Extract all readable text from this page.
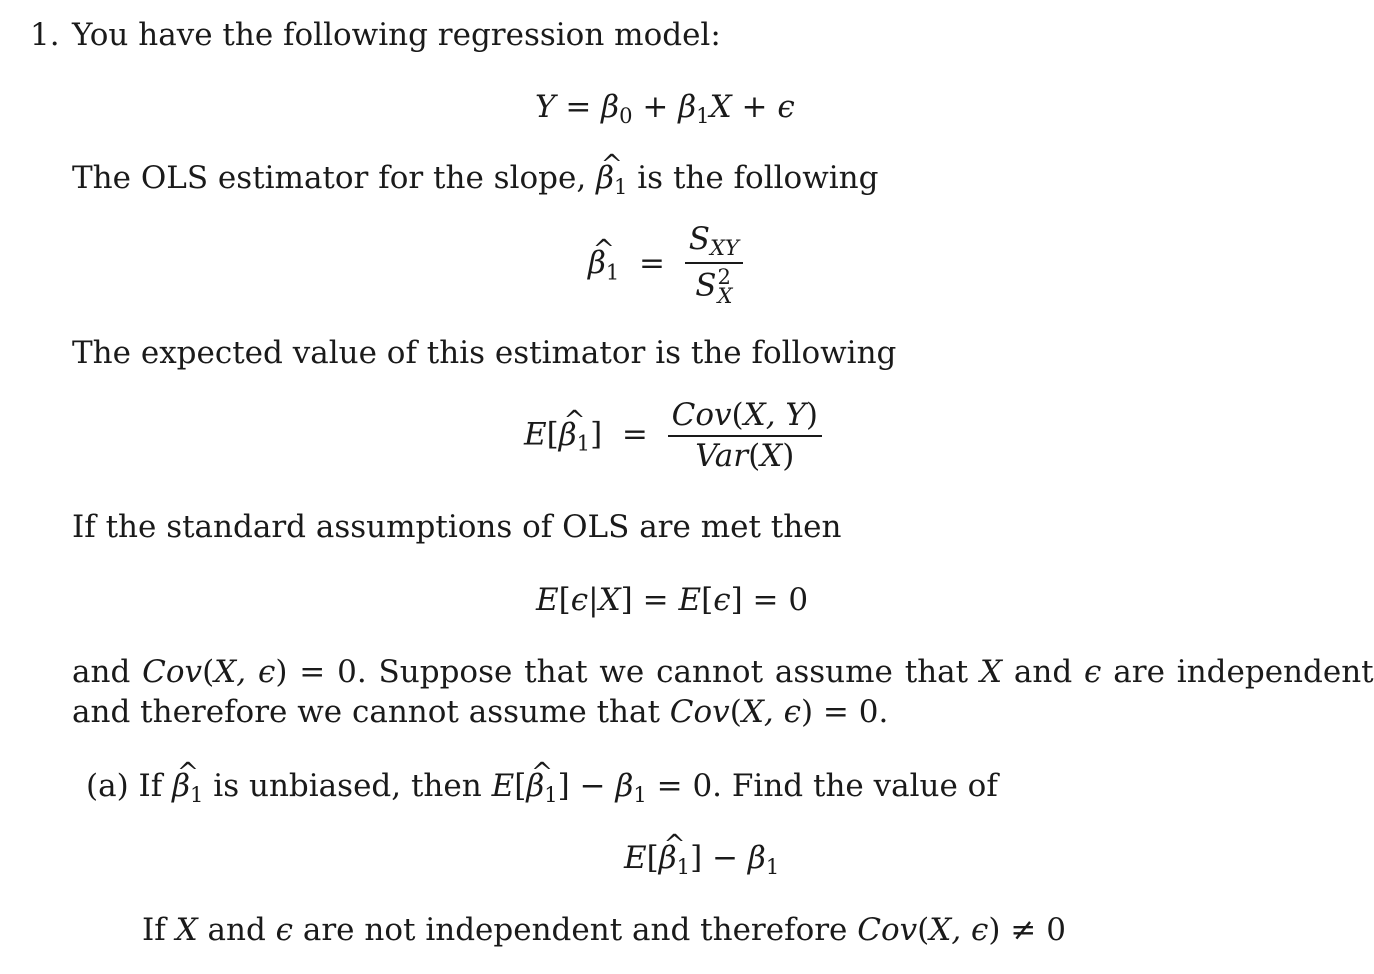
1. You have the following regression model:
$Y = \beta_0 + \beta_1X + \epsilon$
The OLS estimator for the slope, ^ $\beta_1$ is the following
^ $\beta_1$  = SXY
S 2
X
The expected value of this estimator is the following
E[^ $\beta_1] = \frac{\text{Cov(X, Y)}}{\text{Var(X)}}$
If the standard assumptions of OLS are met then
E[ϵ|X] = E[ϵ] = 0
and Cov(X, ϵ) = 0. Suppose that we cannot assume that X and ϵ are independent
and therefore we cannot assume that Cov(X, ϵ) = 0.
(a) If ^ $\beta_1$ is unbiased, then E[^ $\beta_1] - \beta_1 = 0$. Find the value of
E[^ $\beta_1] - \beta_1$
If X and ϵ are not independent and therefore Cov(X, ϵ) ≠ 0
